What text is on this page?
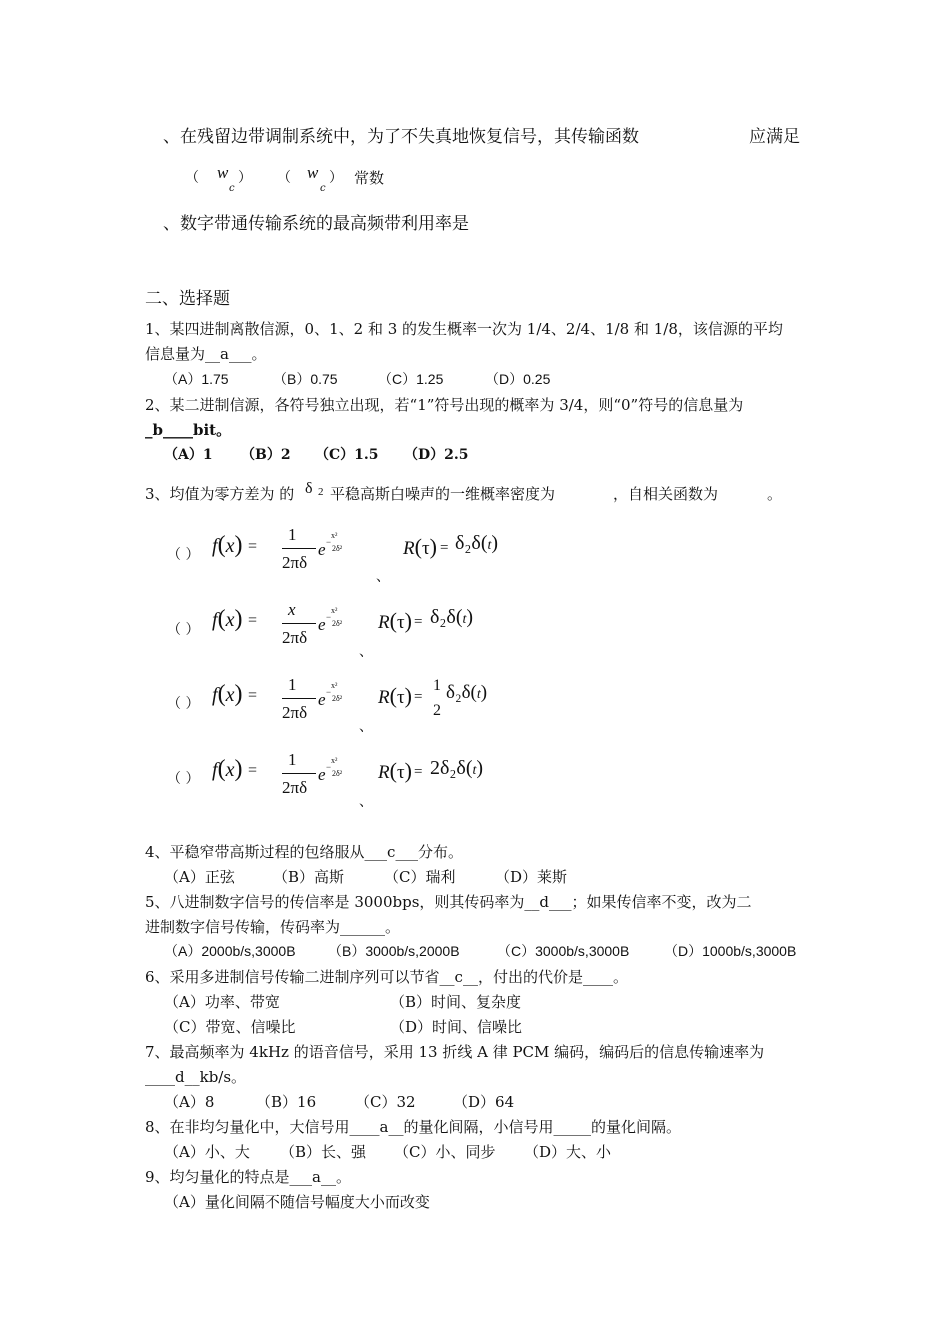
、在残留边带调制系统中，为了不失真地恢复信号，其传输函数	应满足
（ w
c
） （ w
c
） 常数
、数字带通传输系统的最高频带利用率是
二、选择题
1、某四进制离散信源，0、1、2 和 3 的发生概率一次为 1/4、2/4、1/8 和 1/8，该信源的平均
信息量为__a___。
（A）1.75	（B）0.75	（C）1.25	（D）0.25
2、某二进制信源，各符号独立出现，若“1”符号出现的概率为 3/4，则“0”符号的信息量为
_b____bit。
（A）1 （B）2 （C）1.5 （D）2.5
3、均值为零方差为 的 δ 2 平稳高斯白噪声的一维概率密度为	，自相关函数为	。
（ ） f(x) =
1
2πδ
e
x²
2δ²
−	R(τ) = δ₂δ(t)
、
（ ） f(x) =
x
2πδ
e −
x²
2δ² R(τ) = δ₂δ(t)
、
（ ） f(x) =
1
2πδ
e −
x²
2δ² R(τ) =
1
2
δ₂δ(t)
、
（ ） f(x) =
1
2πδ
e −
x²
2δ² R(τ) = 2δ₂δ(t)
、
4、平稳窄带高斯过程的包络服从___c___分布。
（A）正弦	（B）高斯	（C）瑞利	（D）莱斯
5、八进制数字信号的传信率是 3000bps，则其传码率为__d___；如果传信率不变，改为二
进制数字信号传输，传码率为______。
（A）2000b/s,3000B （B）3000b/s,2000B	（C）3000b/s,3000B （D）1000b/s,3000B
6、采用多进制信号传输二进制序列可以节省__c__，付出的代价是____。
（A）功率、带宽	（B）时间、复杂度
（C）带宽、信噪比	（D）时间、信噪比
7、最高频率为 4kHz 的语音信号，采用 13 折线 A 律 PCM 编码，编码后的信息传输速率为
____d__kb/s。
（A）8	（B）16	（C）32 （D）64
8、在非均匀量化中，大信号用____a__的量化间隔，小信号用_____的量化间隔。
（A）小、大 （B）长、强 （C）小、同步 （D）大、小
9、均匀量化的特点是___a__。
（A）量化间隔不随信号幅度大小而改变
